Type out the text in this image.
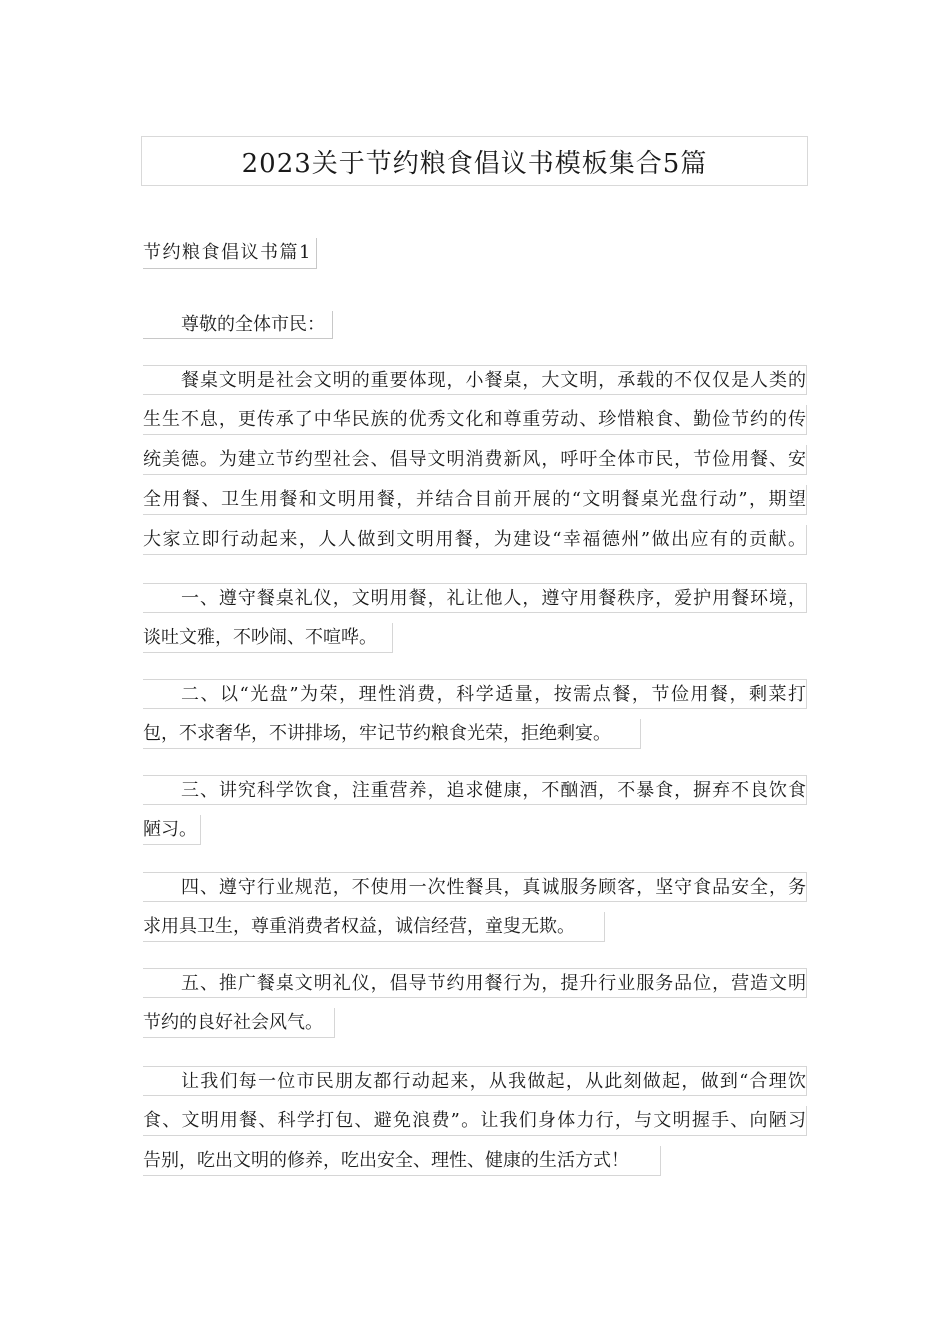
2023关于节约粮食倡议书模板集合5篇
节约粮食倡议书篇1
尊敬的全体市民：
餐桌文明是社会文明的重要体现，小餐桌，大文明，承载的不仅仅是人类的
生生不息，更传承了中华民族的优秀文化和尊重劳动、珍惜粮食、勤俭节约的传
统美德。为建立节约型社会、倡导文明消费新风，呼吁全体市民，节俭用餐、安
全用餐、卫生用餐和文明用餐，并结合目前开展的“文明餐桌光盘行动”，期望
大家立即行动起来，人人做到文明用餐，为建设“幸福德州”做出应有的贡献。
一、遵守餐桌礼仪，文明用餐，礼让他人，遵守用餐秩序，爱护用餐环境，
谈吐文雅，不吵闹、不喧哗。
二、以“光盘”为荣，理性消费，科学适量，按需点餐，节俭用餐，剩菜打
包，不求奢华，不讲排场，牢记节约粮食光荣，拒绝剩宴。
三、讲究科学饮食，注重营养，追求健康，不酗酒，不暴食，摒弃不良饮食
陋习。
四、遵守行业规范，不使用一次性餐具，真诚服务顾客，坚守食品安全，务
求用具卫生，尊重消费者权益，诚信经营，童叟无欺。
五、推广餐桌文明礼仪，倡导节约用餐行为，提升行业服务品位，营造文明
节约的良好社会风气。
让我们每一位市民朋友都行动起来，从我做起，从此刻做起，做到“合理饮
食、文明用餐、科学打包、避免浪费”。让我们身体力行，与文明握手、向陋习
告别，吃出文明的修养，吃出安全、理性、健康的生活方式！
